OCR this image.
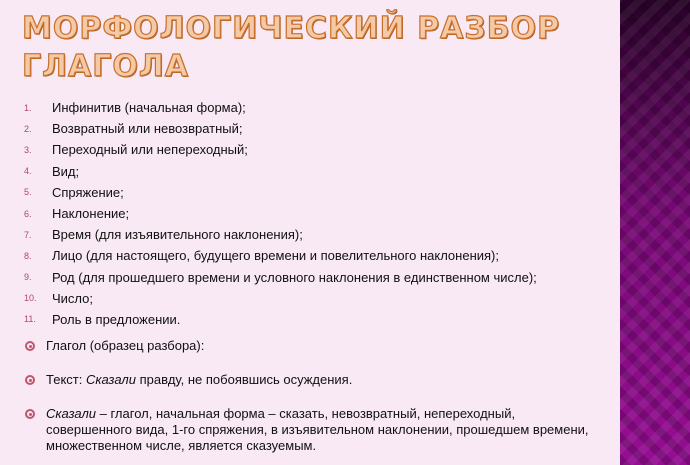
МОРФОЛОГИЧЕСКИЙ РАЗБОР ГЛАГОЛА
1.	Инфинитив (начальная форма);
2.	Возвратный или невозвратный;
3.	Переходный или непереходный;
4.	Вид;
5.	Спряжение;
6.	Наклонение;
7.	Время (для изъявительного наклонения);
8.	Лицо (для настоящего, будущего времени и повелительного наклонения);
9.	Род (для прошедшего времени и условного наклонения в единственном числе);
10.	Число;
11.	Роль в предложении.
Глагол (образец разбора):
Текст: Сказали правду, не побоявшись осуждения.
Сказали – глагол, начальная форма – сказать, невозвратный, непереходный, совершенного вида, 1-го спряжения, в изъявительном наклонении, прошедшем времени, множественном числе, является сказуемым.
